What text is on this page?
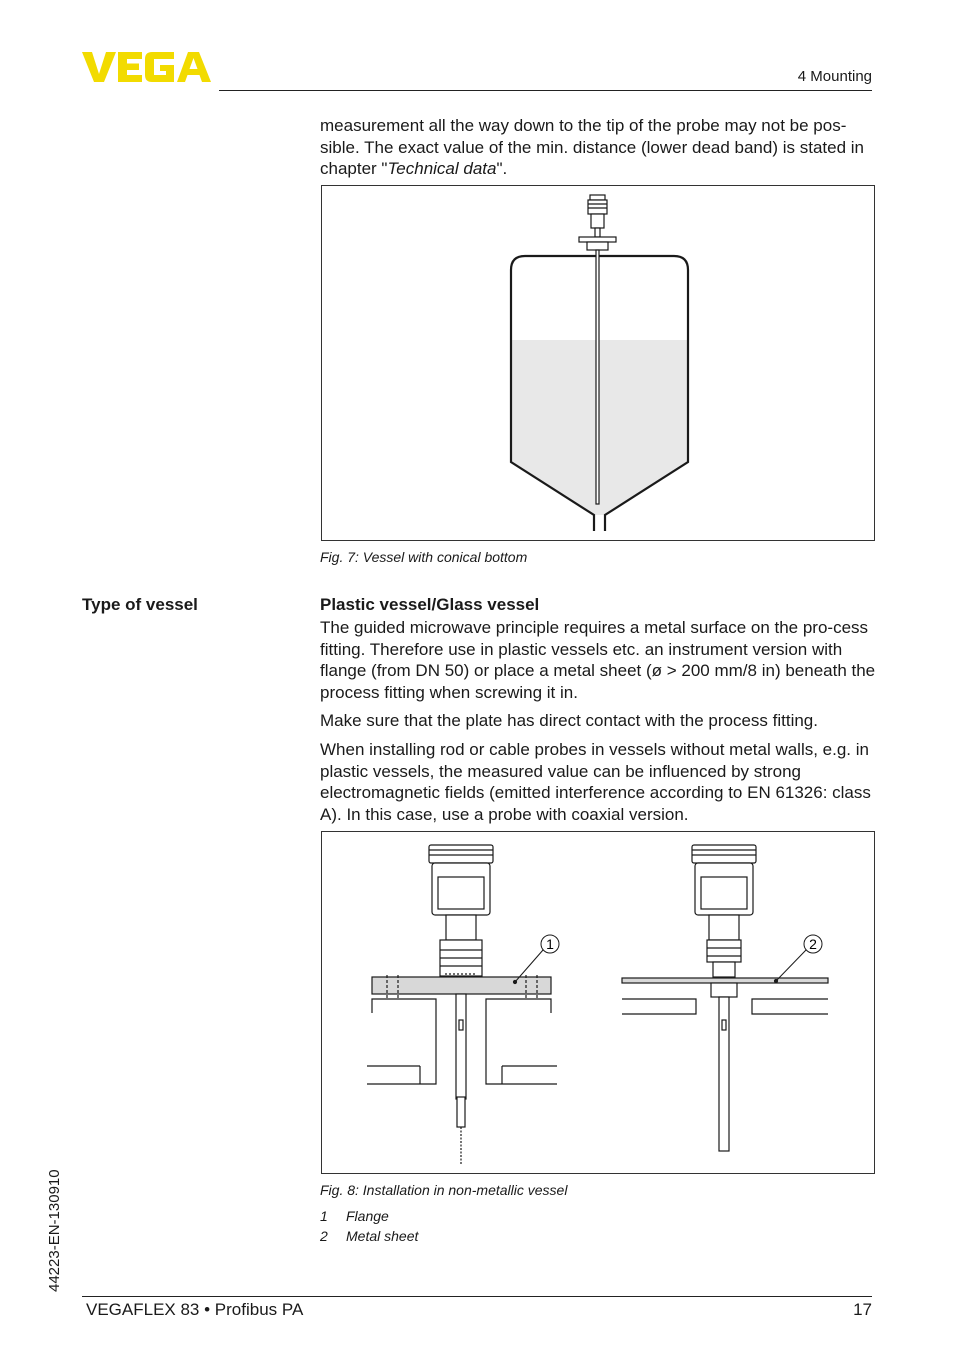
4 Mounting

measurement all the way down to the tip of the probe may not be pos-sible. The exact value of the min. distance (lower dead band) is stated in chapter "Technical data".

Fig. 7: Vessel with conical bottom
Type of vessel	Plastic vessel/Glass vessel

The guided microwave principle requires a metal surface on the pro-cess fitting. Therefore use in plastic vessels etc. an instrument version with flange (from DN 50) or place a metal sheet (ø > 200 mm/8 in) beneath the process fitting when screwing it in.

Make sure that the plate has direct contact with the process fitting.

When installing rod or cable probes in vessels without metal walls, e.g. in plastic vessels, the measured value can be influenced by strong electromagnetic fields (emitted interference according to EN 61326: class A). In this case, use a probe with coaxial version.

1	2
Fig. 8: Installation in non-metallic vessel
1 Flange
2 Metal sheet
44223-EN-130910
VEGAFLEX 83 • Profibus PA	17
